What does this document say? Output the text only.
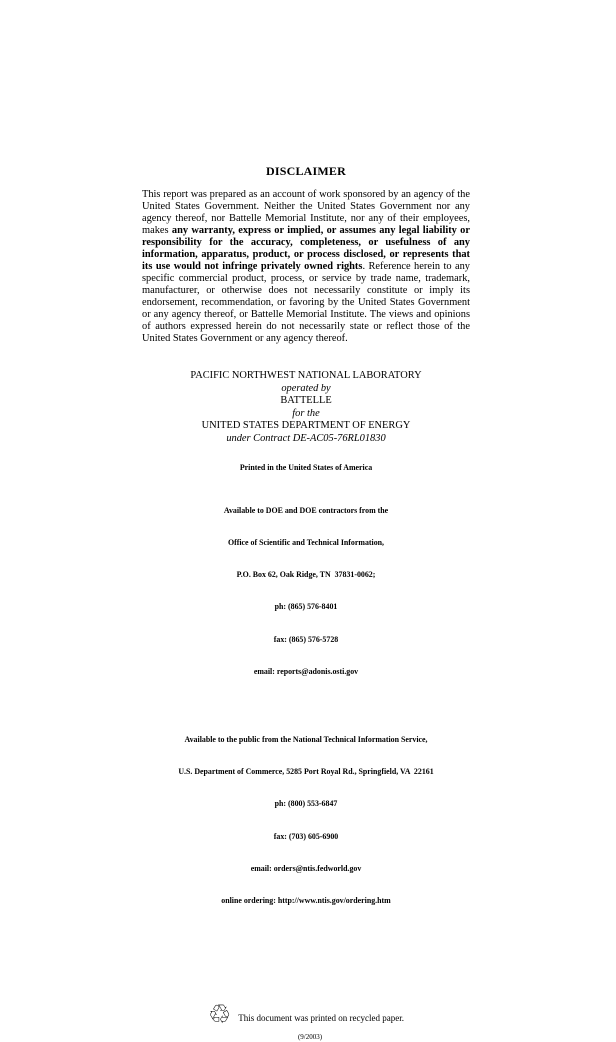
DISCLAIMER

This report was prepared as an account of work sponsored by an agency of the United States Government. Neither the United States Government nor any agency thereof, nor Battelle Memorial Institute, nor any of their employees, makes any warranty, express or implied, or assumes any legal liability or responsibility for the accuracy, completeness, or usefulness of any information, apparatus, product, or process disclosed, or represents that its use would not infringe privately owned rights. Reference herein to any specific commercial product, process, or service by trade name, trademark, manufacturer, or otherwise does not necessarily constitute or imply its endorsement, recommendation, or favoring by the United States Government or any agency thereof, or Battelle Memorial Institute. The views and opinions of authors expressed herein do not necessarily state or reflect those of the United States Government or any agency thereof.

PACIFIC NORTHWEST NATIONAL LABORATORY
operated by
BATTELLE
for the
UNITED STATES DEPARTMENT OF ENERGY
under Contract DE-AC05-76RL01830
Printed in the United States of America

Available to DOE and DOE contractors from the

Office of Scientific and Technical Information,

P.O. Box 62, Oak Ridge, TN  37831-0062;

ph: (865) 576-8401

fax: (865) 576-5728

email: reports@adonis.osti.gov

Available to the public from the National Technical Information Service,

U.S. Department of Commerce, 5285 Port Royal Rd., Springfield, VA  22161

ph: (800) 553-6847

fax: (703) 605-6900

email: orders@ntis.fedworld.gov

online ordering: http://www.ntis.gov/ordering.htm

♲ This document was printed on recycled paper.
(9/2003)
